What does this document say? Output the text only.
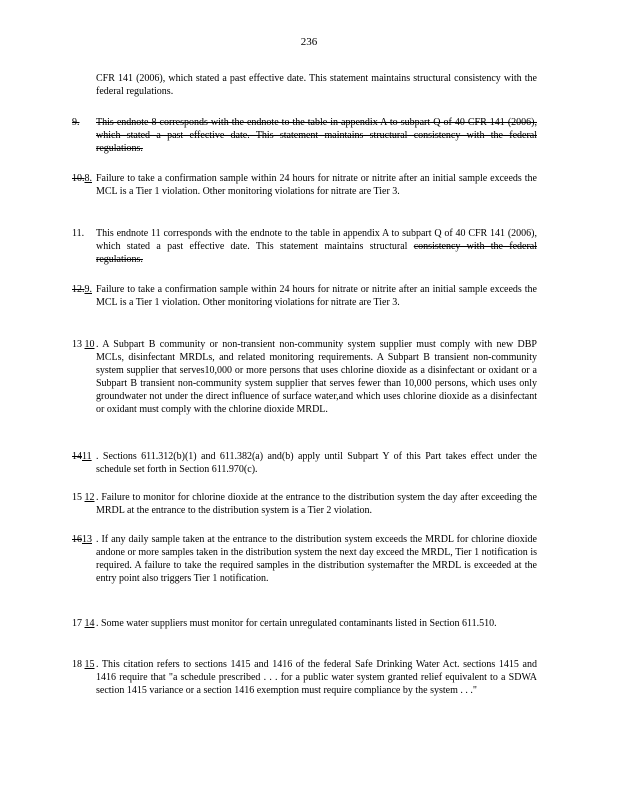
236
CFR 141 (2006), which stated a past effective date. This statement maintains structural consistency with the federal regulations.
9.	This endnote 8 corresponds with the endnote to the table in appendix A to subpart Q of 40 CFR 141 (2006), which stated a past effective date. This statement maintains structural consistency with the federal regulations.
10.8. Failure to take a confirmation sample within 24 hours for nitrate or nitrite after an initial sample exceeds the MCL is a Tier 1 violation. Other monitoring violations for nitrate are Tier 3.
11.	This endnote 11 corresponds with the endnote to the table in appendix A to subpart Q of 40 CFR 141 (2006), which stated a past effective date. This statement maintains structural consistency with the federal regulations.
12.9. Failure to take a confirmation sample within 24 hours for nitrate or nitrite after an initial sample exceeds the MCL is a Tier 1 violation. Other monitoring violations for nitrate are Tier 3.
13 10 . A Subpart B community or non-transient non-community system supplier must comply with new DBP MCLs, disinfectant MRDLs, and related monitoring requirements. A Subpart B transient non-community system supplier that serves10,000 or more persons that uses chlorine dioxide as a disinfectant or oxidant or a Subpart B transient non-community system supplier that serves fewer than 10,000 persons, which uses only groundwater not under the direct influence of surface water,and which uses chlorine dioxide as a disinfectant or oxidant must comply with the chlorine dioxide MRDL.
1411 . Sections 611.312(b)(1) and 611.382(a) and(b) apply until Subpart Y of this Part takes effect under the schedule set forth in Section 611.970(c).
15 12 . Failure to monitor for chlorine dioxide at the entrance to the distribution system the day after exceeding the MRDL at the entrance to the distribution system is a Tier 2 violation.
1613 . If any daily sample taken at the entrance to the distribution system exceeds the MRDL for chlorine dioxide andone or more samples taken in the distribution system the next day exceed the MRDL, Tier 1 notification is required. A failure to take the required samples in the distribution systemafter the MRDL is exceeded at the entry point also triggers Tier 1 notification.
17 14 . Some water suppliers must monitor for certain unregulated contaminants listed in Section 611.510.
18 15 . This citation refers to sections 1415 and 1416 of the federal Safe Drinking Water Act. sections 1415 and 1416 require that "a schedule prescribed . . . for a public water system granted relief equivalent to a SDWA section 1415 variance or a section 1416 exemption must require compliance by the system . . ."
